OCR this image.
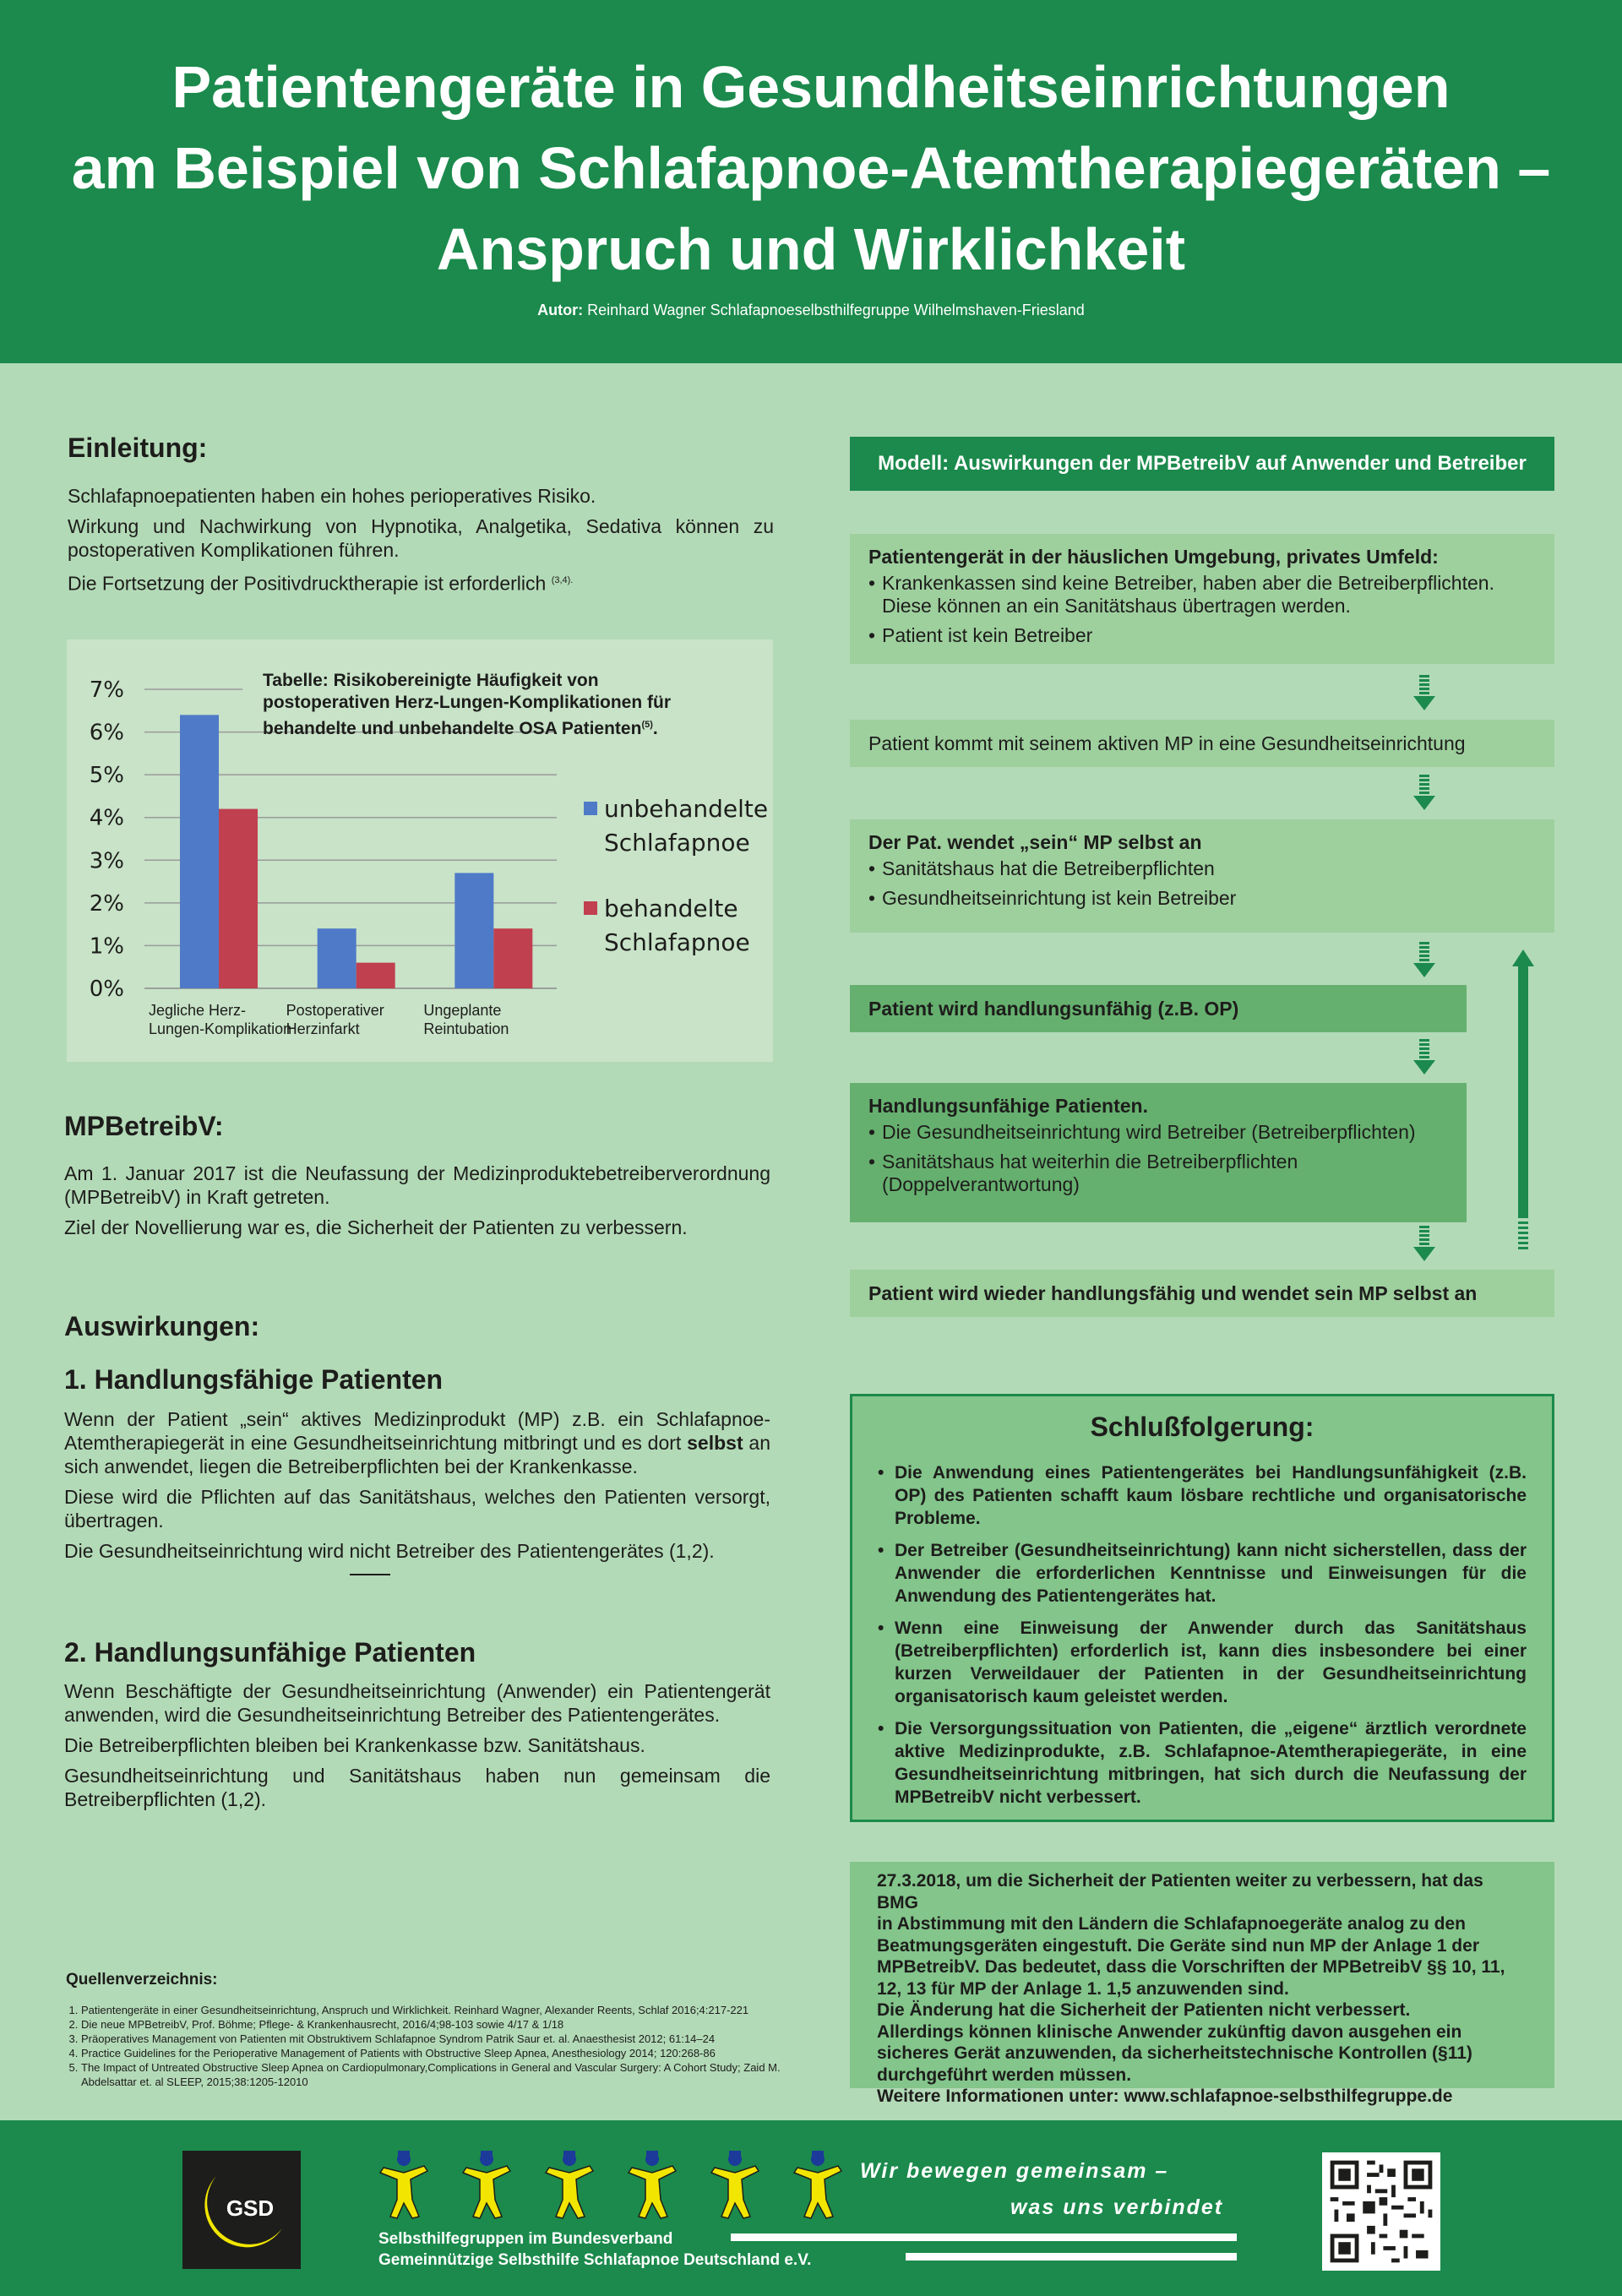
Patientengeräte in Gesundheitseinrichtungen
am Beispiel von Schlafapnoe-Atemtherapiegeräten –
Anspruch und Wirklichkeit
Autor: Reinhard Wagner Schlafapnoeselbsthilfegruppe Wilhelmshaven-Friesland
Einleitung:
Schlafapnoepatienten haben ein hohes perioperatives Risiko.
Wirkung und Nachwirkung von Hypnotika, Analgetika, Sedativa können zu postoperativen Komplikationen führen.
Die Fortsetzung der Positivdrucktherapie ist erforderlich $^{(3,4).}$
0%
1%
2%
3%
4%
5%
6%
7%
Jegliche Herz-
Lungen-Komplikation
Postoperativer
Herzinfarkt
Ungeplante
Reintubation
unbehandelte
Schlafapnoe
behandelte
Schlafapnoe
Tabelle: Risikobereinigte Häufigkeit von postoperativen Herz-Lungen-Komplikationen für behandelte und unbehandelte OSA Patienten$^{(5)}$.
MPBetreibV:
Am 1. Januar 2017 ist die Neufassung der Medizinproduktebetreiberverordnung (MPBetreibV) in Kraft getreten.
Ziel der Novellierung war es, die Sicherheit der Patienten zu verbessern.
Auswirkungen:
1. Handlungsfähige Patienten
Wenn der Patient „sein“ aktives Medizinprodukt (MP) z.B. ein Schlafapnoe-Atemtherapiegerät in eine Gesundheitseinrichtung mitbringt und es dort selbst an sich anwendet, liegen die Betreiberpflichten bei der Krankenkasse.
Diese wird die Pflichten auf das Sanitätshaus, welches den Patienten versorgt, übertragen.
Die Gesundheitseinrichtung wird nicht Betreiber des Patientengerätes (1,2).
2. Handlungsunfähige Patienten
Wenn Beschäftigte der Gesundheitseinrichtung (Anwender) ein Patientengerät anwenden, wird die Gesundheitseinrichtung Betreiber des Patientengerätes.
Die Betreiberpflichten bleiben bei Krankenkasse bzw. Sanitätshaus.
Gesundheitseinrichtung und Sanitätshaus haben nun gemeinsam die Betreiberpflichten (1,2).
Quellenverzeichnis:
1. Patientengeräte in einer Gesundheitseinrichtung, Anspruch und Wirklichkeit. Reinhard Wagner, Alexander Reents, Schlaf 2016;4:217-221
2. Die neue MPBetreibV, Prof. Böhme; Pflege- & Krankenhausrecht, 2016/4;98-103 sowie 4/17 & 1/18
3. Präoperatives Management von Patienten mit Obstruktivem Schlafapnoe Syndrom Patrik Saur et. al. Anaesthesist 2012; 61:14–24
4. Practice Guidelines for the Perioperative Management of Patients with Obstructive Sleep Apnea, Anesthesiology 2014; 120:268-86
5. The Impact of Untreated Obstructive Sleep Apnea on Cardiopulmonary,Complications in General and Vascular Surgery: A Cohort Study; Zaid M. Abdelsattar et. al SLEEP, 2015;38:1205-12010
Modell: Auswirkungen der MPBetreibV auf Anwender und Betreiber
Patientengerät in der häuslichen Umgebung, privates Umfeld:
• Krankenkassen sind keine Betreiber, haben aber die Betreiberpflichten. Diese können an ein Sanitätshaus übertragen werden.
• Patient ist kein Betreiber
Patient kommt mit seinem aktiven MP in eine Gesundheitseinrichtung
Der Pat. wendet „sein“ MP selbst an
• Sanitätshaus hat die Betreiberpflichten
• Gesundheitseinrichtung ist kein Betreiber
Patient wird handlungsunfähig (z.B. OP)
Handlungsunfähige Patienten.
• Die Gesundheitseinrichtung wird Betreiber (Betreiberpflichten)
• Sanitätshaus hat weiterhin die Betreiberpflichten (Doppelverantwortung)
Patient wird wieder handlungsfähig und wendet sein MP selbst an
Schlußfolgerung:
• Die Anwendung eines Patientengerätes bei Handlungsunfähigkeit (z.B. OP) des Patienten schafft kaum lösbare rechtliche und organisatorische Probleme.
• Der Betreiber (Gesundheitseinrichtung) kann nicht sicherstellen, dass der Anwender die erforderlichen Kenntnisse und Einweisungen für die Anwendung des Patientengerätes hat.
• Wenn eine Einweisung der Anwender durch das Sanitätshaus (Betreiberpflichten) erforderlich ist, kann dies insbesondere bei einer kurzen Verweildauer der Patienten in der Gesundheitseinrichtung organisatorisch kaum geleistet werden.
• Die Versorgungssituation von Patienten, die „eigene“ ärztlich verordnete aktive Medizinprodukte, z.B. Schlafapnoe-Atemtherapiegeräte, in eine Gesundheitseinrichtung mitbringen, hat sich durch die Neufassung der MPBetreibV nicht verbessert.
27.3.2018, um die Sicherheit der Patienten weiter zu verbessern, hat das BMG
in Abstimmung mit den Ländern die Schlafapnoegeräte analog zu den
Beatmungsgeräten eingestuft. Die Geräte sind nun MP der Anlage 1 der
MPBetreibV. Das bedeutet, dass die Vorschriften der MPBetreibV §§ 10, 11,
12, 13 für MP der Anlage 1. 1,5 anzuwenden sind.
Die Änderung hat die Sicherheit der Patienten nicht verbessert.
Allerdings können klinische Anwender zukünftig davon ausgehen ein
sicheres Gerät anzuwenden, da sicherheitstechnische Kontrollen (§11)
durchgeführt werden müssen.
Weitere Informationen unter: www.schlafapnoe-selbsthilfegruppe.de
GSD
Wir bewegen gemeinsam –
was uns verbindet
Selbsthilfegruppen im Bundesverband
Gemeinnützige Selbsthilfe Schlafapnoe Deutschland e.V.
